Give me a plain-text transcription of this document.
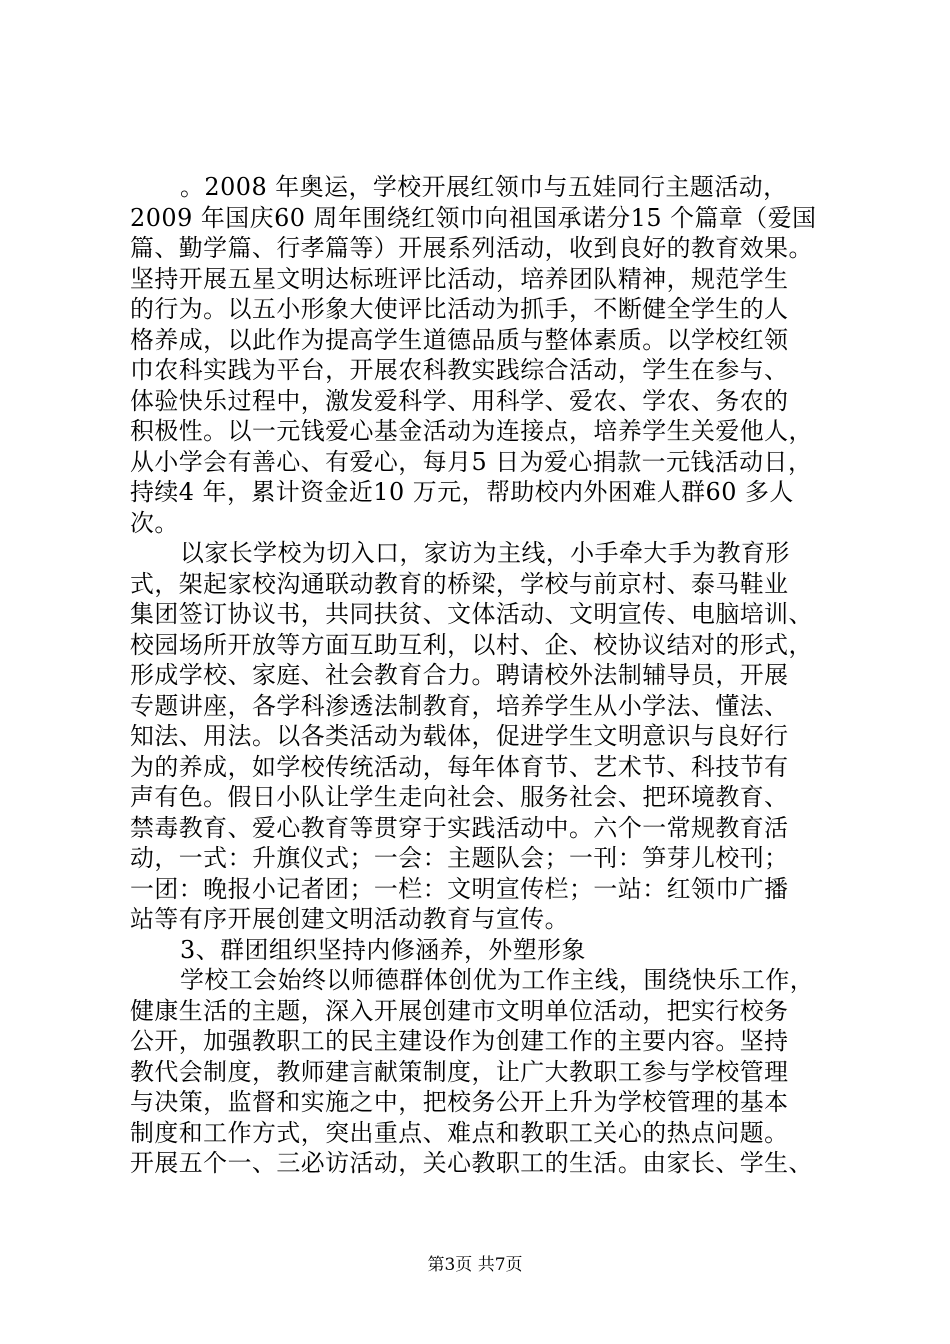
。2008 年奥运，学校开展红领巾与五娃同行主题活动，
2009 年国庆60 周年围绕红领巾向祖国承诺分15 个篇章（爱国
篇、勤学篇、行孝篇等）开展系列活动，收到良好的教育效果。
坚持开展五星文明达标班评比活动，培养团队精神，规范学生
的行为。以五小形象大使评比活动为抓手，不断健全学生的人
格养成，以此作为提高学生道德品质与整体素质。以学校红领
巾农科实践为平台，开展农科教实践综合活动，学生在参与、
体验快乐过程中，激发爱科学、用科学、爱农、学农、务农的
积极性。以一元钱爱心基金活动为连接点，培养学生关爱他人，
从小学会有善心、有爱心，每月5 日为爱心捐款一元钱活动日，
持续4 年，累计资金近10 万元，帮助校内外困难人群60 多人
次。
以家长学校为切入口，家访为主线，小手牵大手为教育形
式，架起家校沟通联动教育的桥梁，学校与前京村、泰马鞋业
集团签订协议书，共同扶贫、文体活动、文明宣传、电脑培训、
校园场所开放等方面互助互利，以村、企、校协议结对的形式，
形成学校、家庭、社会教育合力。聘请校外法制辅导员，开展
专题讲座，各学科渗透法制教育，培养学生从小学法、懂法、
知法、用法。以各类活动为载体，促进学生文明意识与良好行
为的养成，如学校传统活动，每年体育节、艺术节、科技节有
声有色。假日小队让学生走向社会、服务社会、把环境教育、
禁毒教育、爱心教育等贯穿于实践活动中。六个一常规教育活
动，一式：升旗仪式；一会：主题队会；一刊：笋芽儿校刊；
一团：晚报小记者团；一栏：文明宣传栏；一站：红领巾广播
站等有序开展创建文明活动教育与宣传。
3、群团组织坚持内修涵养，外塑形象
学校工会始终以师德群体创优为工作主线，围绕快乐工作，
健康生活的主题，深入开展创建市文明单位活动，把实行校务
公开，加强教职工的民主建设作为创建工作的主要内容。坚持
教代会制度，教师建言献策制度，让广大教职工参与学校管理
与决策，监督和实施之中，把校务公开上升为学校管理的基本
制度和工作方式，突出重点、难点和教职工关心的热点问题。
开展五个一、三必访活动，关心教职工的生活。由家长、学生、
第3页 共7页
